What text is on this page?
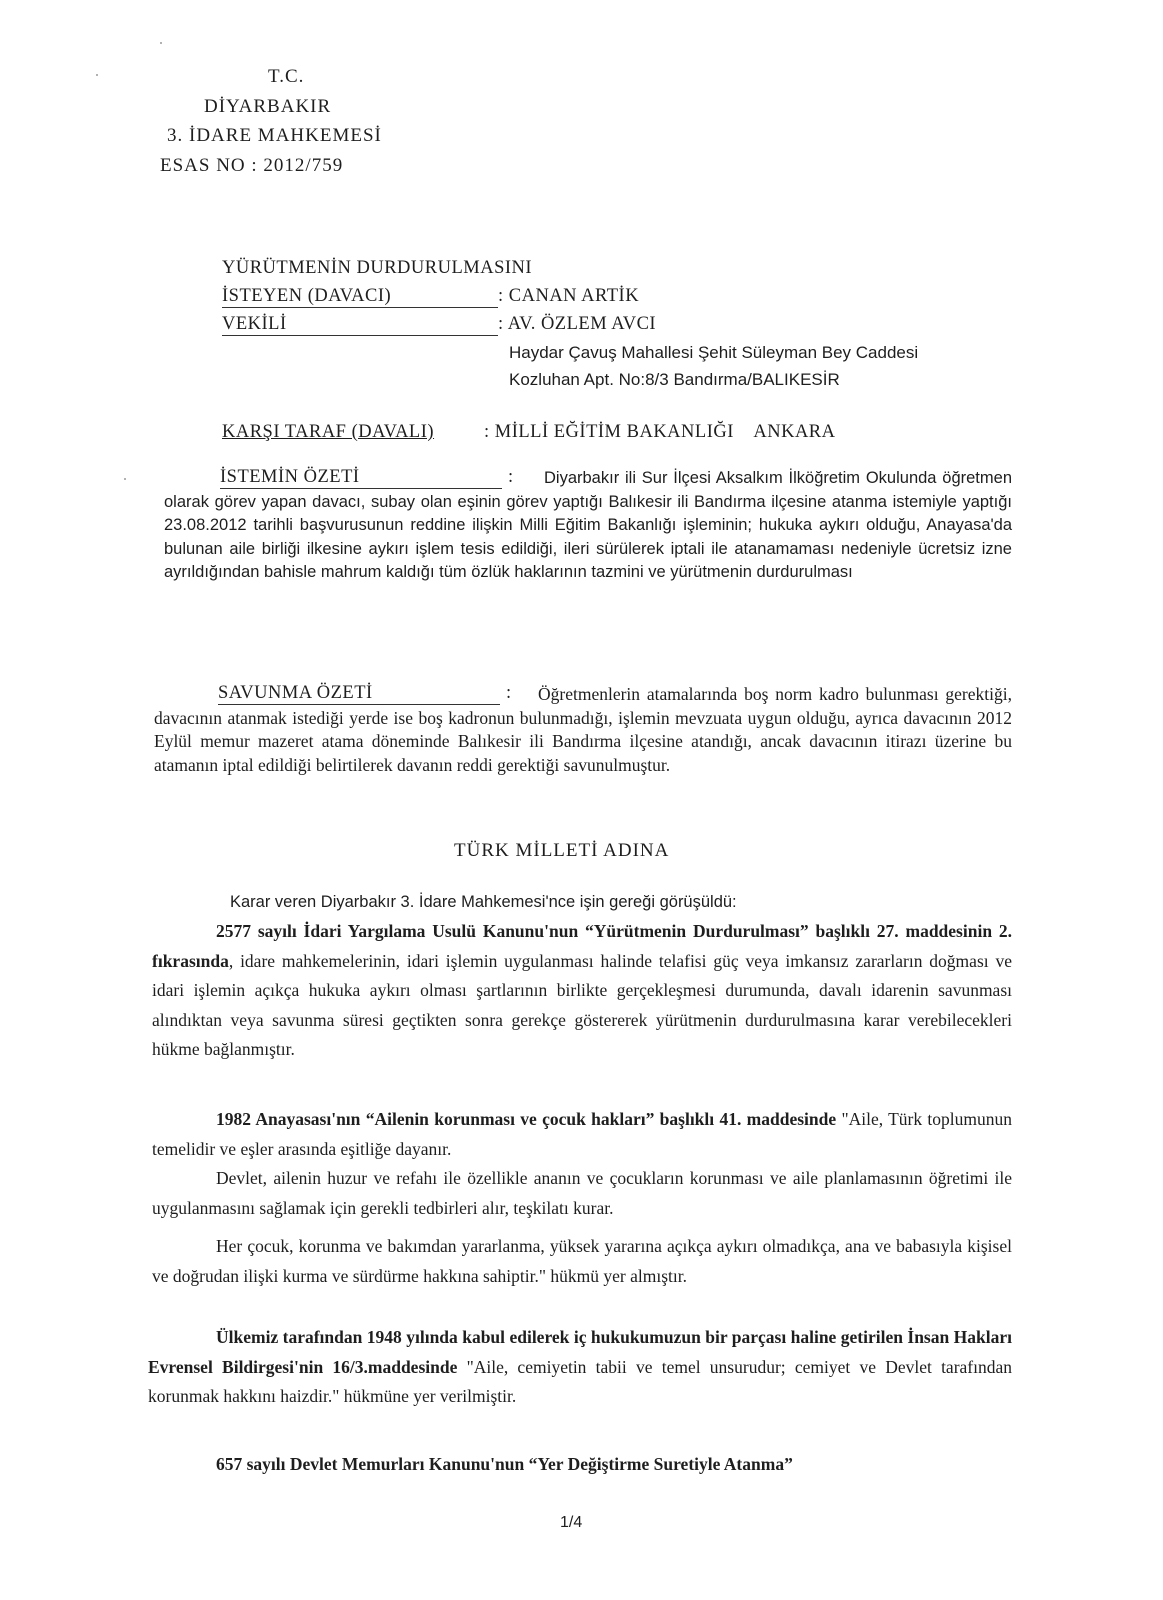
T.C.
DİYARBAKIR
3. İDARE MAHKEMESİ
ESAS NO : 2012/759
YÜRÜTMENİN DURDURULMASINI
İSTEYEN (DAVACI)	: CANAN ARTİK
VEKİLİ	: AV. ÖZLEM AVCI
Haydar Çavuş Mahallesi Şehit Süleyman Bey Caddesi
Kozluhan Apt. No:8/3 Bandırma/BALIKESİR
KARŞI TARAF (DAVALI)	: MİLLİ EĞİTİM BAKANLIĞI    ANKARA
İSTEMİN ÖZETİ	:	Diyarbakır ili Sur İlçesi Aksalkım İlköğretim Okulunda öğretmen olarak görev yapan davacı, subay olan eşinin görev yaptığı Balıkesir ili Bandırma ilçesine atanma istemiyle yaptığı 23.08.2012 tarihli başvurusunun reddine ilişkin Milli Eğitim Bakanlığı işleminin; hukuka aykırı olduğu, Anayasa'da bulunan aile birliği ilkesine aykırı işlem tesis edildiği, ileri sürülerek iptali ile atanamaması nedeniyle ücretsiz izne ayrıldığından bahisle mahrum kaldığı tüm özlük haklarının tazmini ve yürütmenin durdurulması
SAVUNMA ÖZETİ	:	Öğretmenlerin atamalarında boş norm kadro bulunması gerektiği, davacının atanmak istediği yerde ise boş kadronun bulunmadığı, işlemin mevzuata uygun olduğu, ayrıca davacının 2012 Eylül memur mazeret atama döneminde Balıkesir ili Bandırma ilçesine atandığı, ancak davacının itirazı üzerine bu atamanın iptal edildiği belirtilerek davanın reddi gerektiği savunulmuştur.
TÜRK MİLLETİ ADINA
Karar veren Diyarbakır 3. İdare Mahkemesi'nce işin gereği görüşüldü:
2577 sayılı İdari Yargılama Usulü Kanunu'nun “Yürütmenin Durdurulması” başlıklı 27. maddesinin 2. fıkrasında, idare mahkemelerinin, idari işlemin uygulanması halinde telafisi güç veya imkansız zararların doğması ve idari işlemin açıkça hukuka aykırı olması şartlarının birlikte gerçekleşmesi durumunda, davalı idarenin savunması alındıktan veya savunma süresi geçtikten sonra gerekçe göstererek yürütmenin durdurulmasına karar verebilecekleri hükme bağlanmıştır.
1982 Anayasası'nın “Ailenin korunması ve çocuk hakları” başlıklı 41. maddesinde "Aile, Türk toplumunun temelidir ve eşler arasında eşitliğe dayanır.
Devlet, ailenin huzur ve refahı ile özellikle ananın ve çocukların korunması ve aile planlamasının öğretimi ile uygulanmasını sağlamak için gerekli tedbirleri alır, teşkilatı kurar.
Her çocuk, korunma ve bakımdan yararlanma, yüksek yararına açıkça aykırı olmadıkça, ana ve babasıyla kişisel ve doğrudan ilişki kurma ve sürdürme hakkına sahiptir." hükmü yer almıştır.
Ülkemiz tarafından 1948 yılında kabul edilerek iç hukukumuzun bir parçası haline getirilen İnsan Hakları Evrensel Bildirgesi'nin 16/3.maddesinde "Aile, cemiyetin tabii ve temel unsurudur; cemiyet ve Devlet tarafından korunmak hakkını haizdir." hükmüne yer verilmiştir.
657 sayılı Devlet Memurları Kanunu'nun “Yer Değiştirme Suretiyle Atanma”
1/4
